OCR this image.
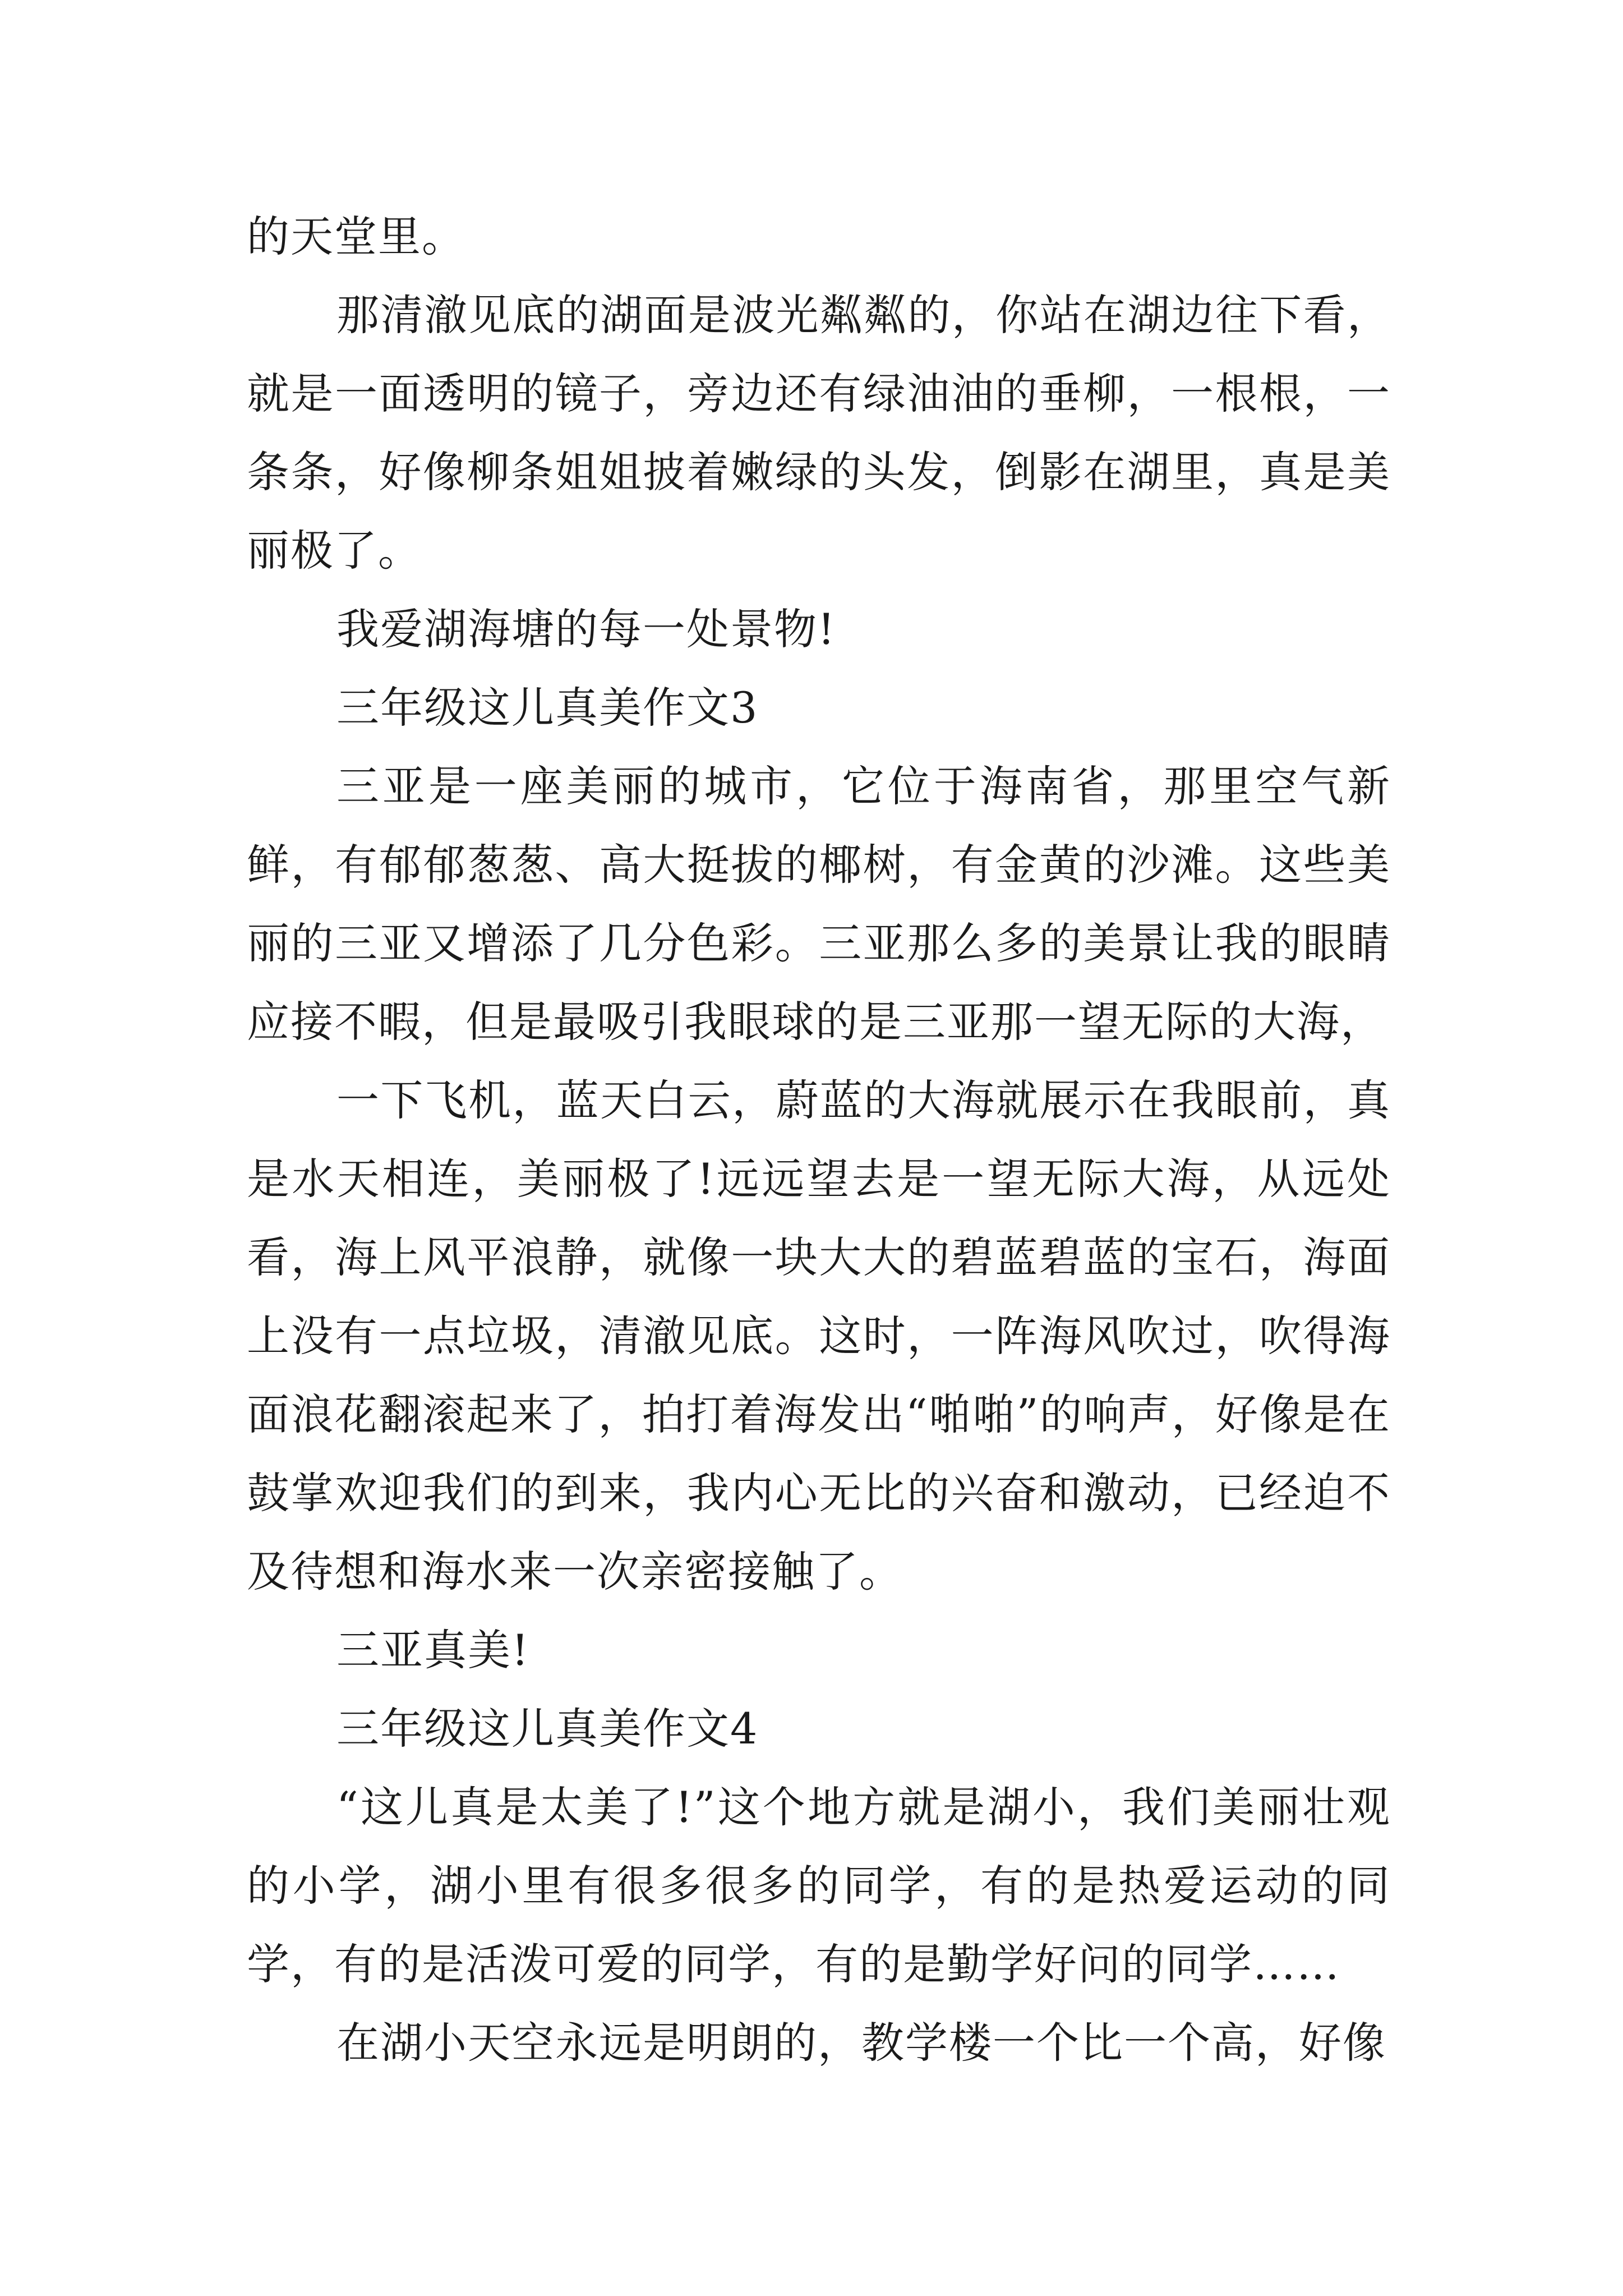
的天堂里。

那清澈见底的湖面是波光粼粼的，你站在湖边往下看，就是一面透明的镜子，旁边还有绿油油的垂柳，一根根，一条条，好像柳条姐姐披着嫩绿的头发，倒影在湖里，真是美丽极了。

我爱湖海塘的每一处景物!

三年级这儿真美作文3

三亚是一座美丽的城市，它位于海南省，那里空气新鲜，有郁郁葱葱、高大挺拔的椰树，有金黄的沙滩。这些美丽的三亚又增添了几分色彩。三亚那么多的美景让我的眼睛应接不暇，但是最吸引我眼球的是三亚那一望无际的大海，

一下飞机，蓝天白云，蔚蓝的大海就展示在我眼前，真是水天相连，美丽极了!远远望去是一望无际大海，从远处看，海上风平浪静，就像一块大大的碧蓝碧蓝的宝石，海面上没有一点垃圾，清澈见底。这时，一阵海风吹过，吹得海面浪花翻滚起来了，拍打着海发出“啪啪”的响声，好像是在鼓掌欢迎我们的到来，我内心无比的兴奋和激动，已经迫不及待想和海水来一次亲密接触了。

三亚真美!

三年级这儿真美作文4

“这儿真是太美了!”这个地方就是湖小，我们美丽壮观的小学，湖小里有很多很多的同学，有的是热爱运动的同学，有的是活泼可爱的同学，有的是勤学好问的同学……

在湖小天空永远是明朗的，教学楼一个比一个高，好像
